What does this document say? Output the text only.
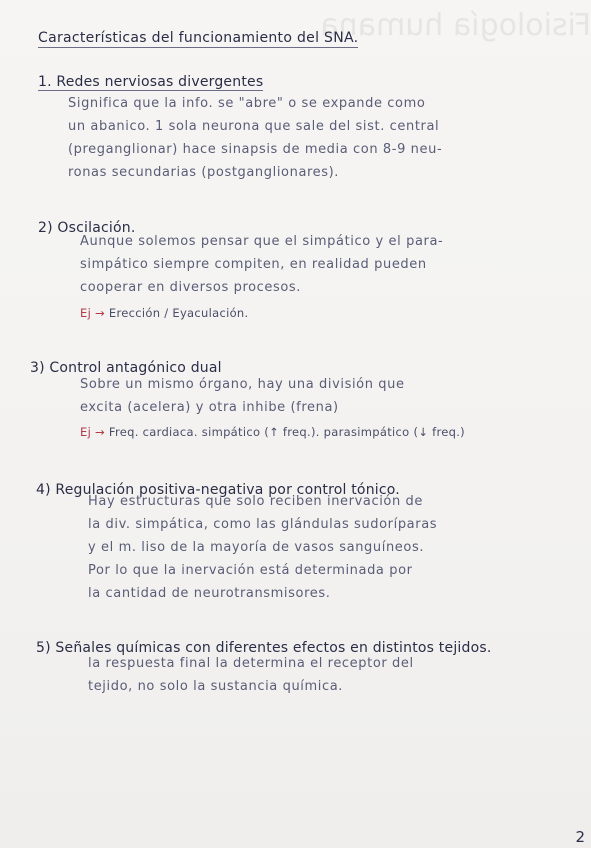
Fisiología humana
Características del funcionamiento del SNA.
1. Redes nerviosas divergentes
Significa que la info. se "abre" o se expande como
un abanico. 1 sola neurona que sale del sist. central
(preganglionar) hace sinapsis de media con 8-9 neu-
ronas secundarias (postganglionares).
2) Oscilación.
Aunque solemos pensar que el simpático y el para-
simpático siempre compiten, en realidad pueden
cooperar en diversos procesos.
Ej → Erección / Eyaculación.
3) Control antagónico dual
Sobre un mismo órgano, hay una división que
excita (acelera) y otra inhibe (frena)
Ej → Freq. cardiaca. simpático (↑ freq.). parasimpático (↓ freq.)
4) Regulación positiva-negativa por control tónico.
Hay estructuras que solo reciben inervación de
la div. simpática, como las glándulas sudoríparas
y el m. liso de la mayoría de vasos sanguíneos.
Por lo que la inervación está determinada por
la cantidad de neurotransmisores.
5) Señales químicas con diferentes efectos en distintos tejidos.
la respuesta final la determina el receptor del
tejido, no solo la sustancia química.
2
